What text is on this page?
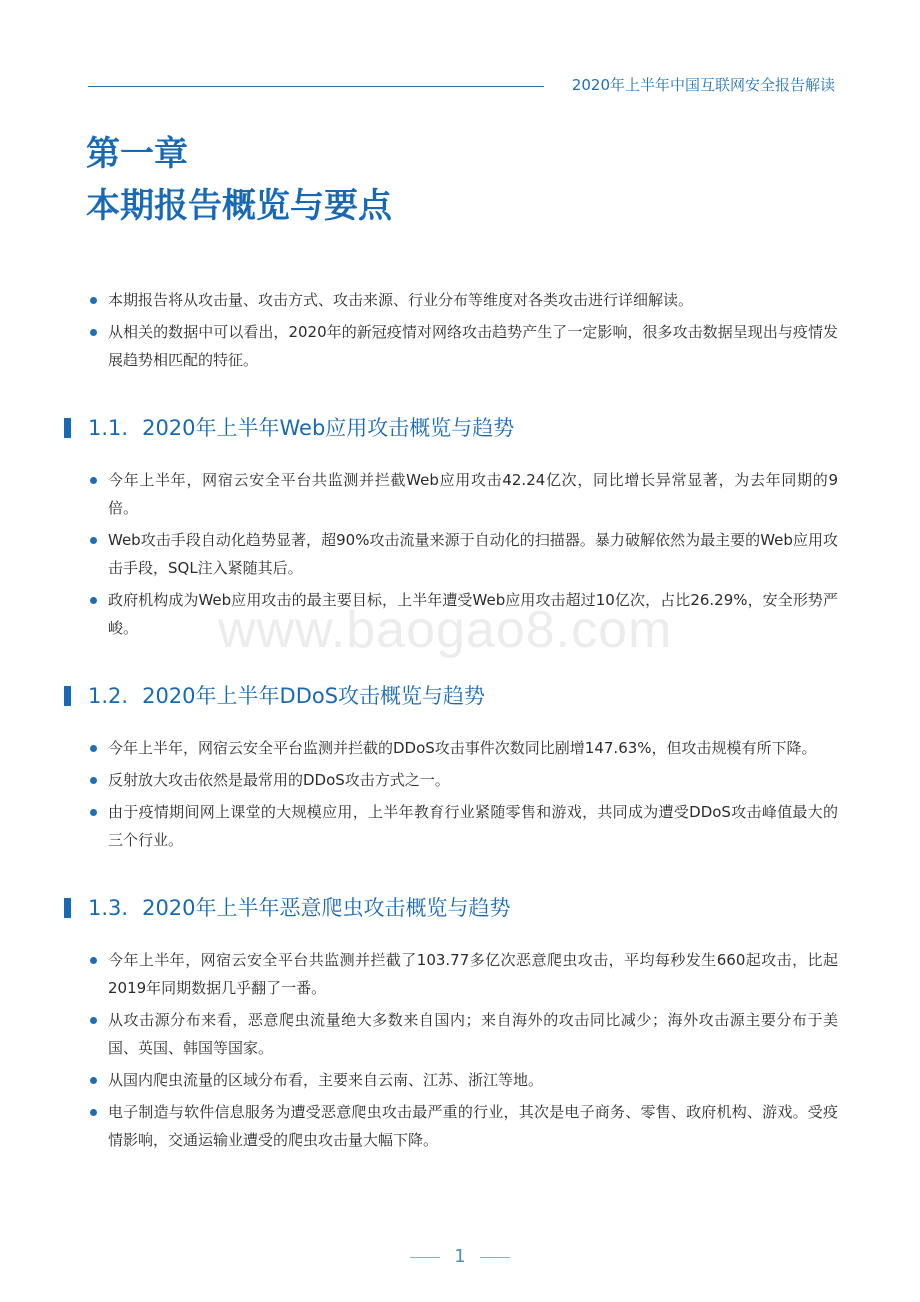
2020年上半年中国互联网安全报告解读
第一章
本期报告概览与要点
www.baogao8.com
本期报告将从攻击量、攻击方式、攻击来源、行业分布等维度对各类攻击进行详细解读。
从相关的数据中可以看出，2020年的新冠疫情对网络攻击趋势产生了一定影响，很多攻击数据呈现出与疫情发展趋势相匹配的特征。
1.1. 2020年上半年Web应用攻击概览与趋势
今年上半年，网宿云安全平台共监测并拦截Web应用攻击42.24亿次，同比增长异常显著，为去年同期的9倍。
Web攻击手段自动化趋势显著，超90%攻击流量来源于自动化的扫描器。暴力破解依然为最主要的Web应用攻击手段，SQL注入紧随其后。
政府机构成为Web应用攻击的最主要目标，上半年遭受Web应用攻击超过10亿次，占比26.29%，安全形势严峻。
1.2. 2020年上半年DDoS攻击概览与趋势
今年上半年，网宿云安全平台监测并拦截的DDoS攻击事件次数同比剧增147.63%，但攻击规模有所下降。
反射放大攻击依然是最常用的DDoS攻击方式之一。
由于疫情期间网上课堂的大规模应用，上半年教育行业紧随零售和游戏，共同成为遭受DDoS攻击峰值最大的三个行业。
1.3. 2020年上半年恶意爬虫攻击概览与趋势
今年上半年，网宿云安全平台共监测并拦截了103.77多亿次恶意爬虫攻击，平均每秒发生660起攻击，比起2019年同期数据几乎翻了一番。
从攻击源分布来看，恶意爬虫流量绝大多数来自国内；来自海外的攻击同比减少；海外攻击源主要分布于美国、英国、韩国等国家。
从国内爬虫流量的区域分布看，主要来自云南、江苏、浙江等地。
电子制造与软件信息服务为遭受恶意爬虫攻击最严重的行业，其次是电子商务、零售、政府机构、游戏。受疫情影响，交通运输业遭受的爬虫攻击量大幅下降。
1
